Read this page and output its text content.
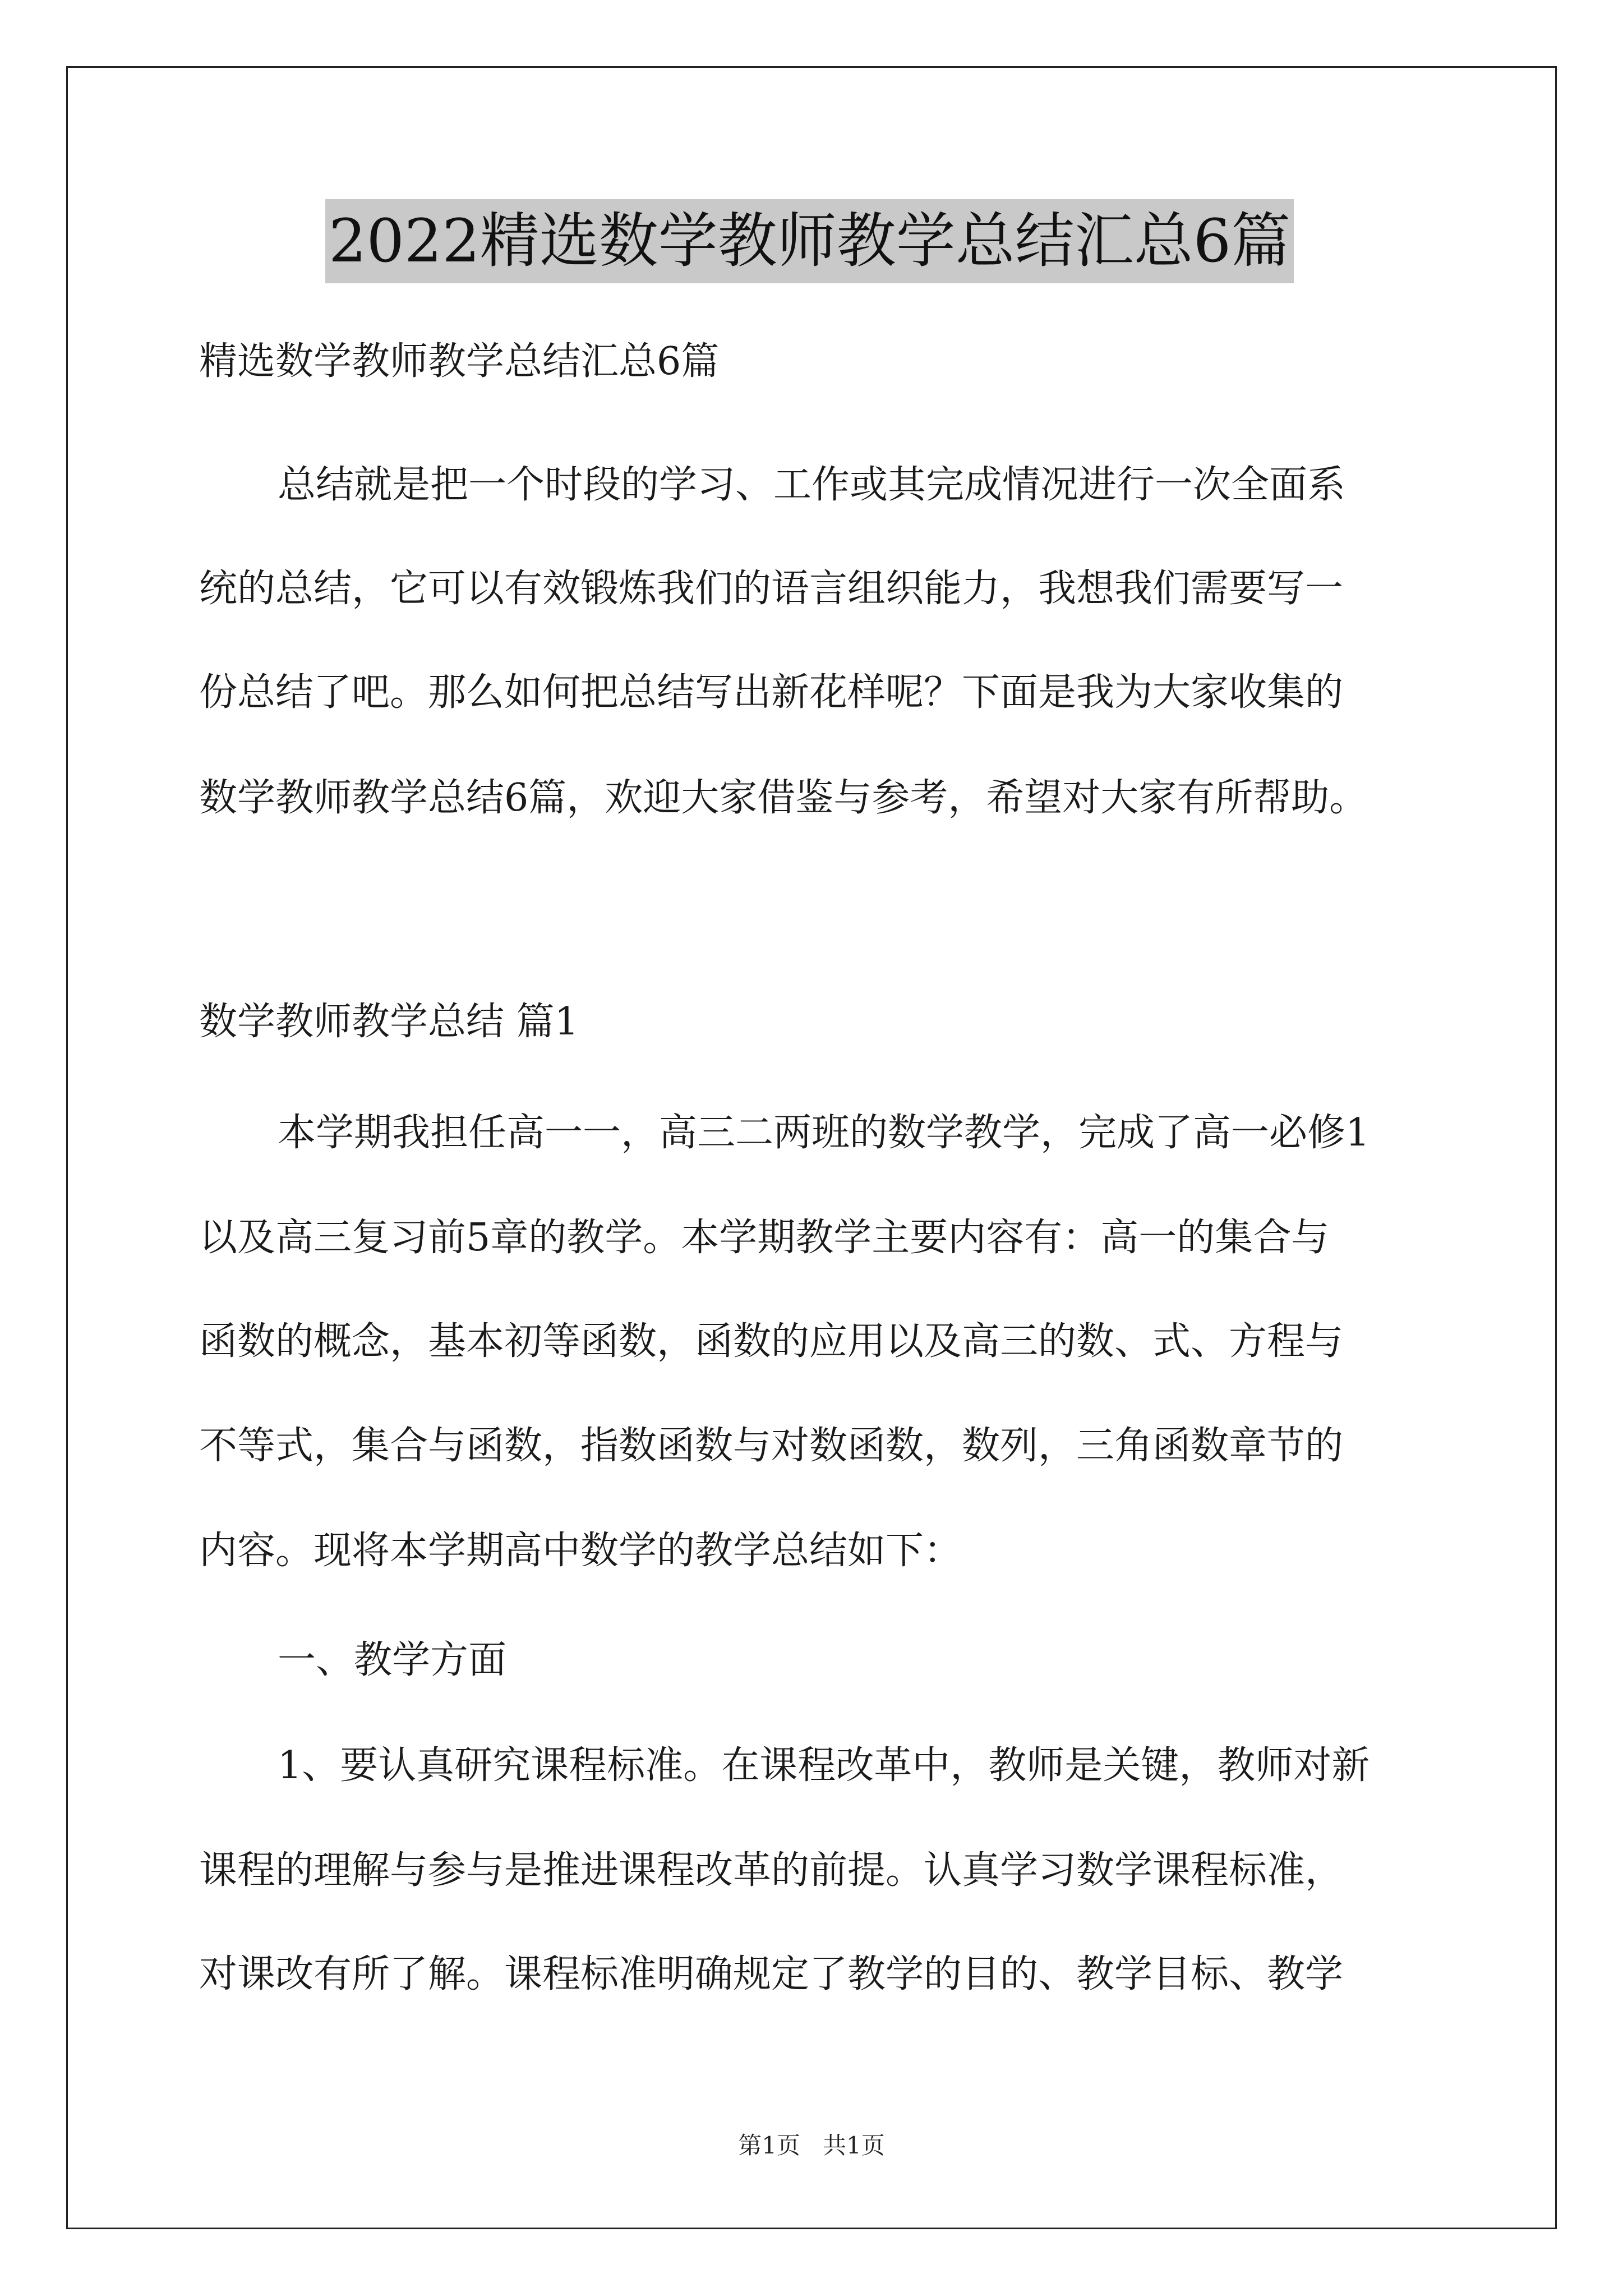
2022精选数学教师教学总结汇总6篇
精选数学教师教学总结汇总6篇
总结就是把一个时段的学习、工作或其完成情况进行一次全面系
统的总结，它可以有效锻炼我们的语言组织能力，我想我们需要写一
份总结了吧。那么如何把总结写出新花样呢？下面是我为大家收集的
数学教师教学总结6篇，欢迎大家借鉴与参考，希望对大家有所帮助。
数学教师教学总结 篇1
本学期我担任高一一，高三二两班的数学教学，完成了高一必修1
以及高三复习前5章的教学。本学期教学主要内容有：高一的集合与
函数的概念，基本初等函数，函数的应用以及高三的数、式、方程与
不等式，集合与函数，指数函数与对数函数，数列，三角函数章节的
内容。现将本学期高中数学的教学总结如下：
一、教学方面
1、要认真研究课程标准。在课程改革中，教师是关键，教师对新
课程的理解与参与是推进课程改革的前提。认真学习数学课程标准，
对课改有所了解。课程标准明确规定了教学的目的、教学目标、教学
第1页   共1页
